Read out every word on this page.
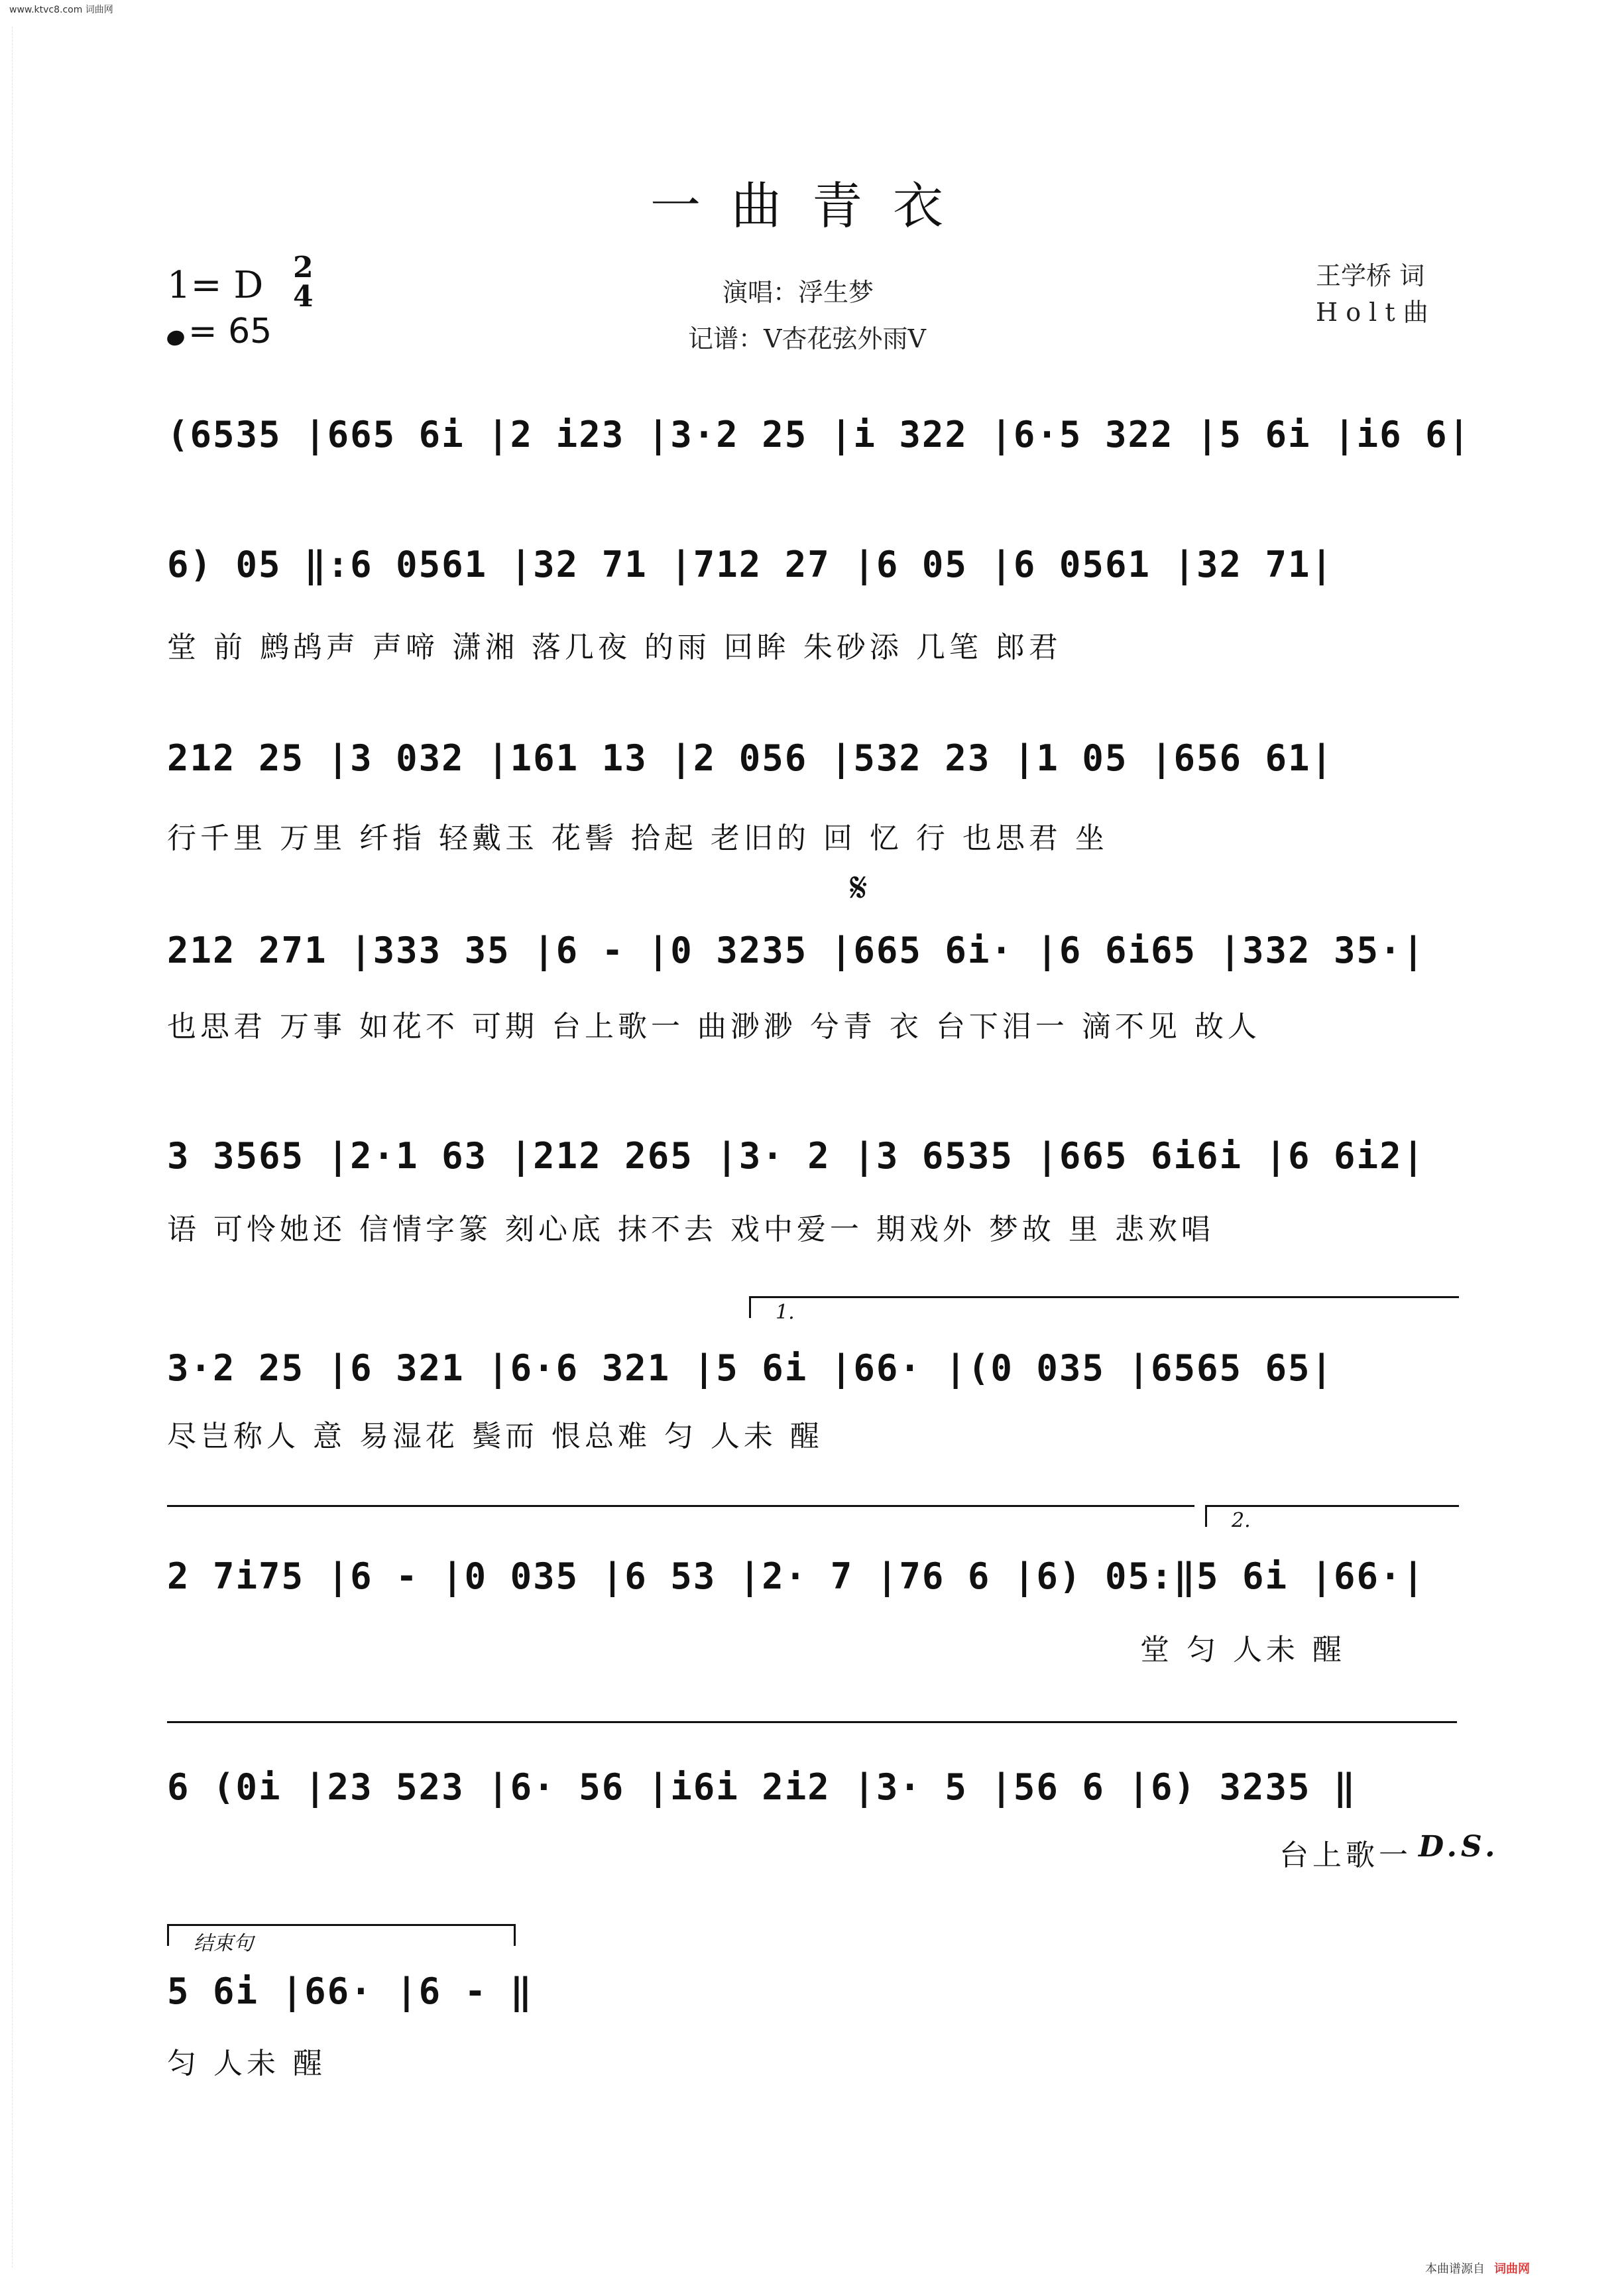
www.ktvc8.com 词曲网
一曲青衣
1= D 2
4
= 65
演唱：浮生梦
记谱：V杏花弦外雨V
王学桥 词
H o l t 曲
(6535 |665 6i |2 i23 |3·2 25 |i 322 |6·5 322 |5 6i |i6 6|
6) 05 ‖:6 0561 |32 71 |712 27 |6 05 |6 0561 |32 71|
堂 前 鹧鸪声 声啼 潇湘 落几夜 的雨 回眸 朱砂添 几笔 郎君
212 25 |3 032 |161 13 |2 056 |532 23 |1 05 |656 61|
行千里 万里 纤指 轻戴玉 花髻 拾起 老旧的 回 忆 行 也思君 坐
𝄋
212 271 |333 35 |6 - |0 3235 |665 6i· |6 6i65 |332 35·|
也思君 万事 如花不 可期 台上歌一 曲渺渺 兮青 衣 台下泪一 滴不见 故人
3 3565 |2·1 63 |212 265 |3· 2 |3 6535 |665 6i6i |6 6i2|
语 可怜她还 信情字篆 刻心底 抹不去 戏中爱一 期戏外 梦故 里 悲欢唱
1.
3·2 25 |6 321 |6·6 321 |5 6i |66· |(0 035 |6565 65|
尽岂称人 意 易湿花 鬓而 恨总难 匀 人未 醒
2.
2 7i75 |6 - |0 035 |6 53 |2· 7 |76 6 |6) 05:‖5 6i |66·|
堂 匀 人未 醒
6 (0i |23 523 |6· 56 |i6i 2i2 |3· 5 |56 6 |6) 3235 ‖
台上歌一 D.S.
结束句
5 6i |66· |6 - ‖
匀 人未 醒
本曲谱源自 词曲网
